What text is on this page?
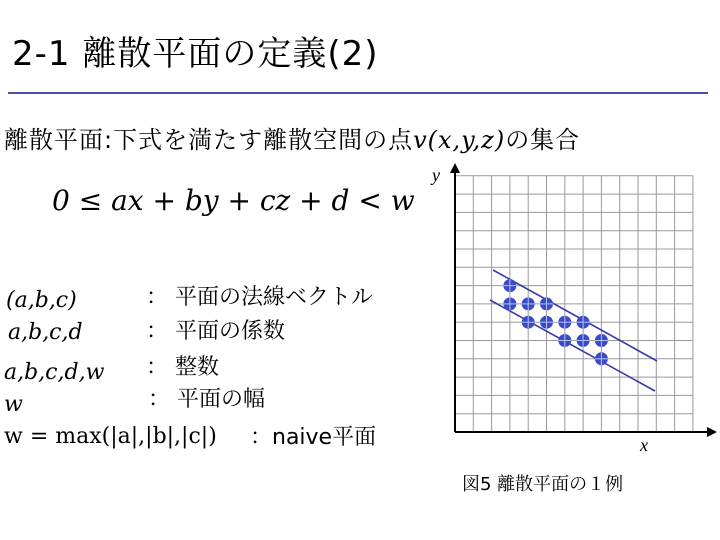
2-1 離散平面の定義(2)
離散平面:下式を満たす離散空間の点v(x,y,z)の集合
0 ≤ ax + by + cz + d < w
(a,b,c)	： 平面の法線ベクトル
a,b,c,d	： 平面の係数
a,b,c,d,w ： 整数
w	： 平面の幅
w = max(|a|,|b|,|c|) ：naive平面
y
x
図5 離散平面の１例
